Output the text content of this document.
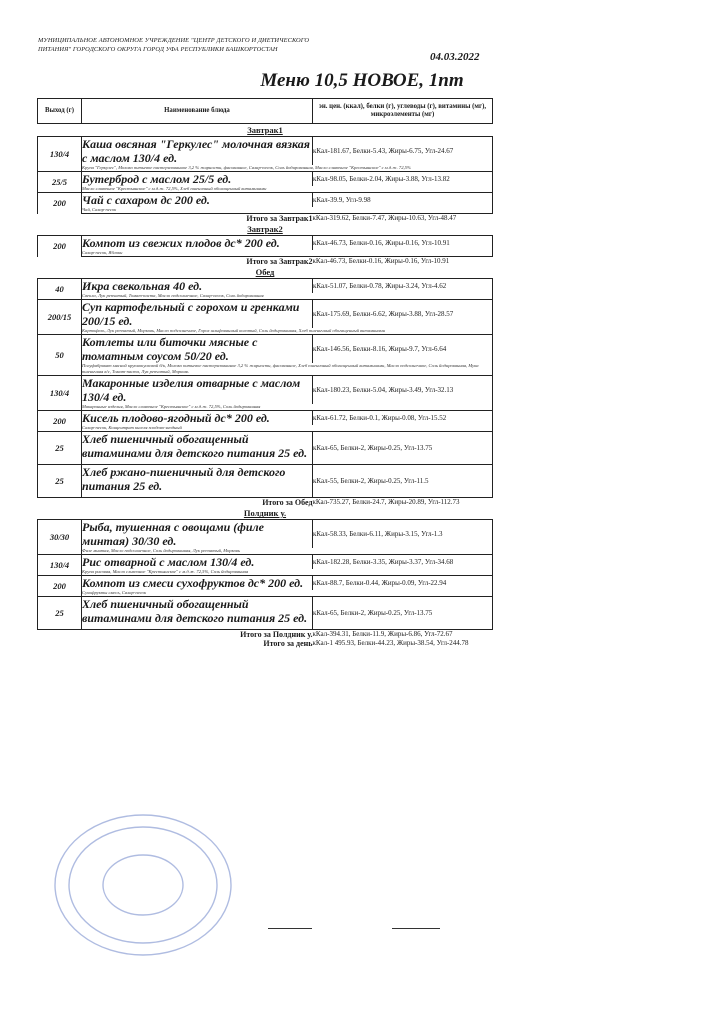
МУНИЦИПАЛЬНОЕ АВТОНОМНОЕ УЧРЕЖДЕНИЕ "ЦЕНТР ДЕТСКОГО И ДИЕТИЧЕСКОГО ПИТАНИЯ" ГОРОДСКОГО ОКРУГА ГОРОД УФА РЕСПУБЛИКИ БАШКОРТОСТАН
04.03.2022
Меню 10,5 НОВОЕ, 1пт
Выход (г)	Наименование блюда	эн. цен. (ккал), белки (г), углеводы (г), витамины (мг), микроэлементы (мг)
Завтрак1		
130/4	Каша овсяная "Геркулес" молочная вязкая с маслом 130/4 ед.	кКал-181.67, Белки-5.43, Жиры-6.75, Угл-24.67
	Крупа "Геркулес", Молоко питьевое пастеризованное 3,2 % жирности, фасованное, Сахар-песок, Соль йодированная, Масло сливочное "Крестьянское" с м.д.ж. 72,5%	
25/5	Бутерброд с маслом 25/5 ед.	кКал-98.05, Белки-2.04, Жиры-3.88, Угл-13.82
	Масло сливочное "Крестьянское" с м.д.ж. 72,5%, Хлеб пшеничный обогащенный витаминами	
200	Чай с сахаром дс 200 ед.	кКал-39.9, Угл-9.98
	Чай, Сахар-песок	
Итого за Завтрак1		кКал-319.62, Белки-7.47, Жиры-10.63, Угл-48.47
Завтрак2		
200	Компот из свежих плодов дс* 200 ед.	кКал-46.73, Белки-0.16, Жиры-0.16, Угл-10.91
	Сахар-песок, Яблоки	
Итого за Завтрак2		кКал-46.73, Белки-0.16, Жиры-0.16, Угл-10.91
Обед		
40	Икра свекольная 40 ед.	кКал-51.07, Белки-0.78, Жиры-3.24, Угл-4.62
	Свекла, Лук репчатый, Томат-паста, Масло подсолнечное, Сахар-песок, Соль йодированная	
200/15	Суп картофельный с горохом и гренками 200/15 ед.	кКал-175.69, Белки-6.62, Жиры-3.88, Угл-28.57
	Картофель, Лук репчатый, Морковь, Масло подсолнечное, Горох шлифованный колотый, Соль йодированная, Хлеб пшеничный обогащенный витаминами	
50	Котлеты или биточки мясные с томатным соусом 50/20 ед.	кКал-146.56, Белки-8.16, Жиры-9.7, Угл-6.64
	Полуфабрикат мясной крупнокусковой б/к, Молоко питьевое пастеризованное 3,2 % жирности, фасованное, Хлеб пшеничный обогащенный витаминами, Масло подсолнечное, Соль йодированная, Мука пшеничная в/с, Томат-паста, Лук репчатый, Морковь	
130/4	Макаронные изделия отварные с маслом 130/4 ед.	кКал-180.23, Белки-5.04, Жиры-3.49, Угл-32.13
	Макаронные изделия, Масло сливочное "Крестьянское" с м.д.ж. 72,5%, Соль йодированная	
200	Кисель плодово-ягодный дс* 200 ед.	кКал-61.72, Белки-0.1, Жиры-0.08, Угл-15.52
	Сахар-песок, Концентрат киселя плодово-ягодный	
25	Хлеб пшеничный обогащенный витаминами для детского питания 25 ед.	кКал-65, Белки-2, Жиры-0.25, Угл-13.75
25	Хлеб ржано-пшеничный для детского питания 25 ед.	кКал-55, Белки-2, Жиры-0.25, Угл-11.5
Итого за Обед		кКал-735.27, Белки-24.7, Жиры-20.89, Угл-112.73
Полдник у.		
30/30	Рыба, тушенная с овощами (филе минтая) 30/30 ед.	кКал-58.33, Белки-6.11, Жиры-3.15, Угл-1.3
	Филе минтая, Масло подсолнечное, Соль йодированная, Лук репчатый, Морковь	
130/4	Рис отварной с маслом 130/4 ед.	кКал-182.28, Белки-3.35, Жиры-3.37, Угл-34.68
	Крупа рисовая, Масло сливочное "Крестьянское" с м.д.ж. 72,5%, Соль йодированная	
200	Компот из смеси сухофруктов дс* 200 ед.	кКал-88.7, Белки-0.44, Жиры-0.09, Угл-22.94
	Сухофрукты смесь, Сахар-песок	
25	Хлеб пшеничный обогащенный витаминами для детского питания 25 ед.	кКал-65, Белки-2, Жиры-0.25, Угл-13.75
Итого за Полдник у.		кКал-394.31, Белки-11.9, Жиры-6.86, Угл-72.67
Итого за день		кКал-1 495.93, Белки-44.23, Жиры-38.54, Угл-244.78
